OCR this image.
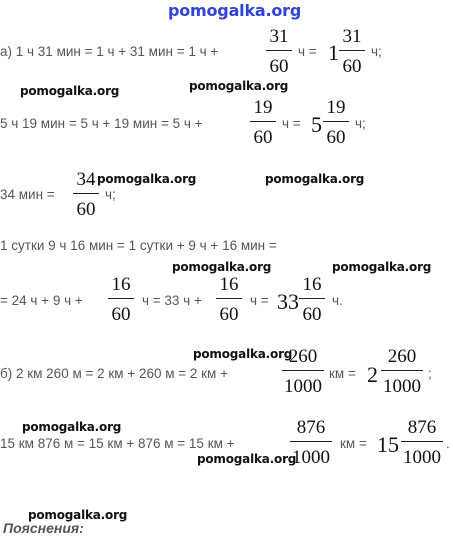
pomogalka.org
а) 1 ч 31 мин = 1 ч + 31 мин = 1 ч +
31
60
ч = 1
31
60
ч;
5 ч 19 мин = 5 ч + 19 мин = 5 ч +
19
60
ч = 5
19
60
ч;
34 мин =
34
60
ч;
1 сутки 9 ч 16 мин = 1 сутки + 9 ч + 16 мин =
= 24 ч + 9 ч +
16
60
ч = 33 ч +
16
60
ч = 33
16
60
ч.
б) 2 км 260 м = 2 км + 260 м = 2 км +
260
1000
км = 2
260
1000
;
15 км 876 м = 15 км + 876 м = 15 км +
876
1000
км = 15
876
1000
.
pomogalka.org	pomogalka.org
pomogalka.org	pomogalka.org
pomogalka.org	pomogalka.org
pomogalka.org
pomogalka.org
pomogalka.org
pomogalka.org
Пояснения:
